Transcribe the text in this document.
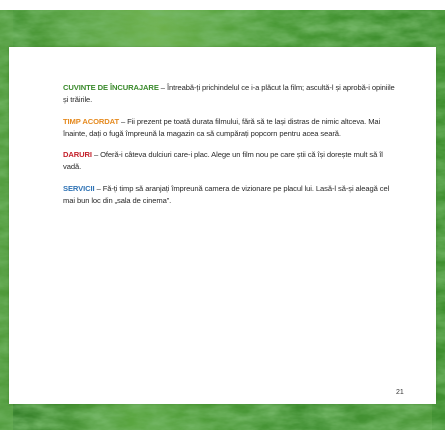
CUVINTE DE ÎNCURAJARE – Întreabă-ți prichindelul ce i-a plăcut la film; ascultă-l și aprobă-i opiniile și trăirile.

TIMP ACORDAT – Fii prezent pe toată durata filmului, fără să te lași distras de nimic altceva. Mai înainte, dați o fugă împreună la magazin ca să cumpărați popcorn pentru acea seară.

DARURI – Oferă-i câteva dulciuri care-i plac. Alege un film nou pe care știi că își dorește mult să îl vadă.

SERVICII – Fă-ți timp să aranjați împreună camera de vizionare pe placul lui. Lasă-l să-și aleagă cel mai bun loc din „sala de cinema”.

21
